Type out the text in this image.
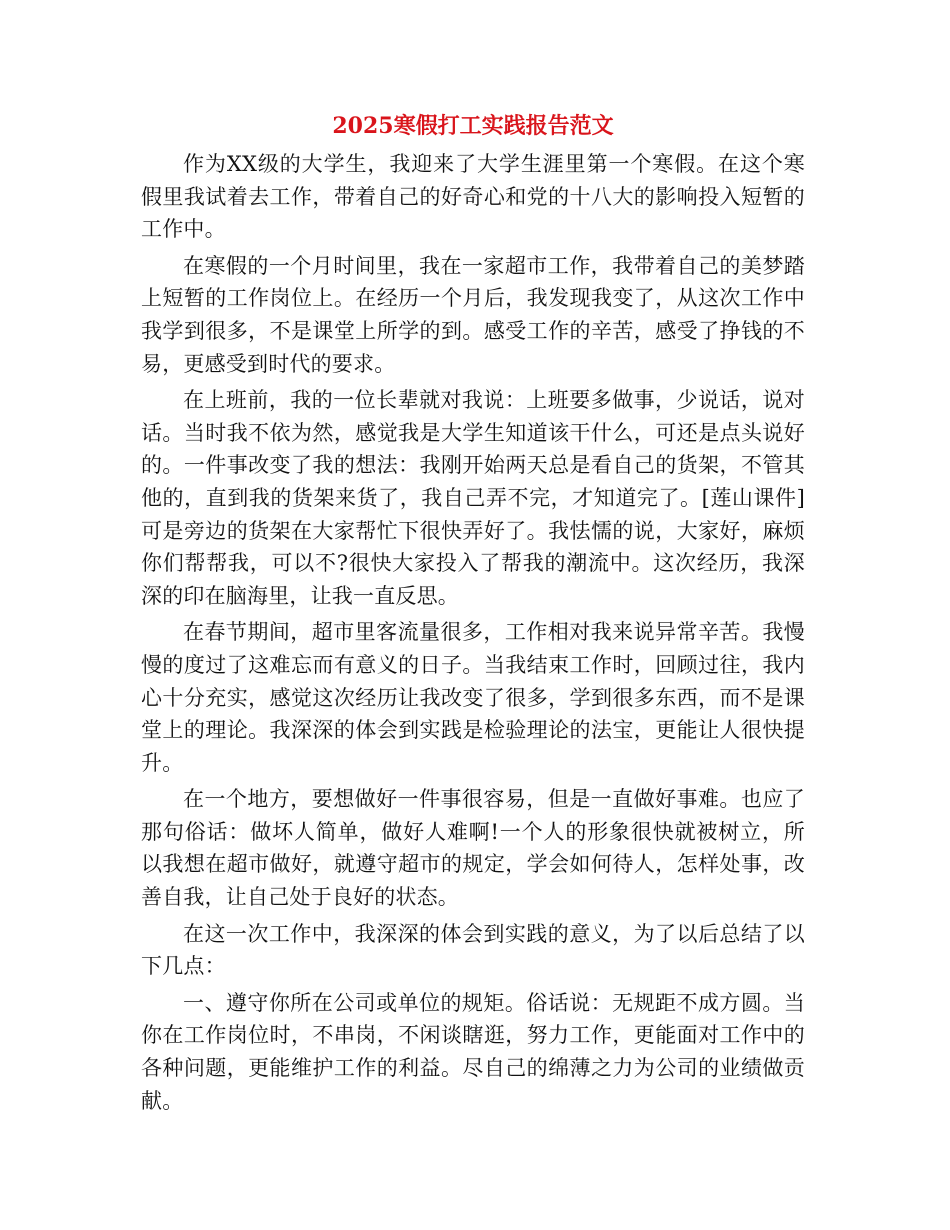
2025寒假打工实践报告范文

作为XX级的大学生，我迎来了大学生涯里第一个寒假。在这个寒假里我试着去工作，带着自己的好奇心和党的十八大的影响投入短暂的工作中。

在寒假的一个月时间里，我在一家超市工作，我带着自己的美梦踏上短暂的工作岗位上。在经历一个月后，我发现我变了，从这次工作中我学到很多，不是课堂上所学的到。感受工作的辛苦，感受了挣钱的不易，更感受到时代的要求。

在上班前，我的一位长辈就对我说：上班要多做事，少说话，说对话。当时我不依为然，感觉我是大学生知道该干什么，可还是点头说好的。一件事改变了我的想法：我刚开始两天总是看自己的货架，不管其他的，直到我的货架来货了，我自己弄不完，才知道完了。[莲山课件]可是旁边的货架在大家帮忙下很快弄好了。我怯懦的说，大家好，麻烦你们帮帮我，可以不?很快大家投入了帮我的潮流中。这次经历，我深深的印在脑海里，让我一直反思。

在春节期间，超市里客流量很多，工作相对我来说异常辛苦。我慢慢的度过了这难忘而有意义的日子。当我结束工作时，回顾过往，我内心十分充实，感觉这次经历让我改变了很多，学到很多东西，而不是课堂上的理论。我深深的体会到实践是检验理论的法宝，更能让人很快提升。

在一个地方，要想做好一件事很容易，但是一直做好事难。也应了那句俗话：做坏人简单，做好人难啊!一个人的形象很快就被树立，所以我想在超市做好，就遵守超市的规定，学会如何待人，怎样处事，改善自我，让自己处于良好的状态。

在这一次工作中，我深深的体会到实践的意义，为了以后总结了以下几点：

一、遵守你所在公司或单位的规矩。俗话说：无规距不成方圆。当你在工作岗位时，不串岗，不闲谈瞎逛，努力工作，更能面对工作中的各种问题，更能维护工作的利益。尽自己的绵薄之力为公司的业绩做贡献。
